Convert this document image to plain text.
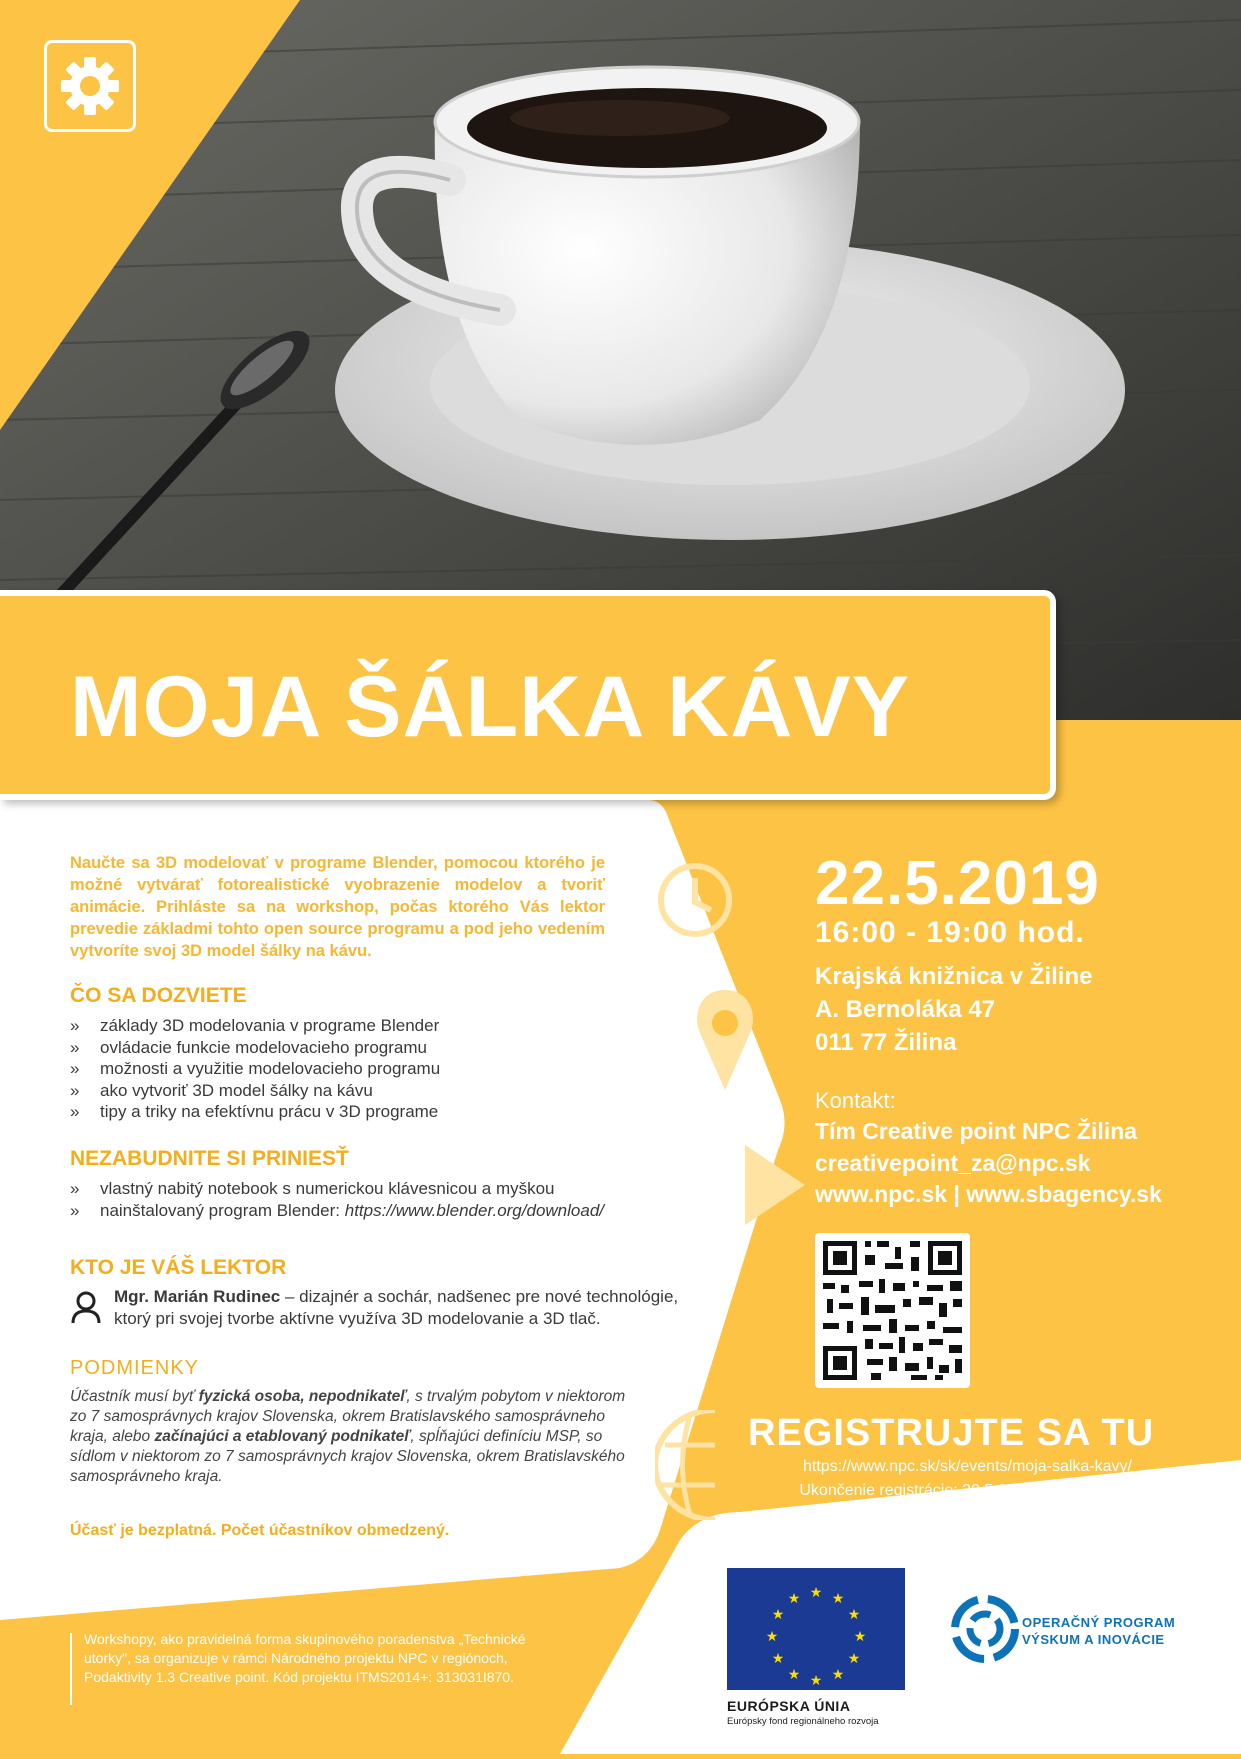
MOJA ŠÁLKA KÁVY
Naučte sa 3D modelovať v programe Blender, pomocou ktorého je možné vytvárať fotorealistické vyobrazenie modelov a tvoriť animácie. Prihláste sa na workshop, počas ktorého Vás lektor prevedie základmi tohto open source programu a pod jeho vedením vytvoríte svoj 3D model šálky na kávu.
ČO SA DOZVIETE
»	základy 3D modelovania v programe Blender
»	ovládacie funkcie modelovacieho programu
»	možnosti a využitie modelovacieho programu
»	ako vytvoriť 3D model šálky na kávu
»	tipy a triky na efektívnu prácu v 3D programe
NEZABUDNITE SI PRINIESŤ
»	vlastný nabitý notebook s numerickou klávesnicou a myškou
»	nainštalovaný program Blender: https://www.blender.org/download/
KTO JE VÁŠ LEKTOR
Mgr. Marián Rudinec – dizajnér a sochár, nadšenec pre nové technológie, ktorý pri svojej tvorbe aktívne využíva 3D modelovanie a 3D tlač.
PODMIENKY
Účastník musí byť fyzická osoba, nepodnikateľ, s trvalým pobytom v niektorom zo 7 samosprávnych krajov Slovenska, okrem Bratislavského samosprávneho kraja, alebo začínajúci a etablovaný podnikateľ, spĺňajúci definíciu MSP, so sídlom v niektorom zo 7 samosprávnych krajov Slovenska, okrem Bratislavského samosprávneho kraja.
Účasť je bezplatná. Počet účastníkov obmedzený.
22.5.2019
16:00 - 19:00 hod.
Krajská knižnica v Žiline
A. Bernoláka 47
011 77 Žilina
Kontakt:
Tím Creative point NPC Žilina
creativepoint_za@npc.sk
www.npc.sk | www.sbagency.sk
REGISTRUJTE SA TU
https://www.npc.sk/sk/events/moja-salka-kavy/
Ukončenie registrácie: 20.5.2019 do 16:00 hod.
Workshopy, ako pravidelná forma skupinového poradenstva „Technické utorky", sa organizuje v rámci Národného projektu NPC v regiónoch, Podaktivity 1.3 Creative point. Kód projektu ITMS2014+: 313031I870.
★ ★
★
★
★
★
★
★
★
★
★
★
EURÓPSKA ÚNIA
Európsky fond regionálneho rozvoja
OPERAČNÝ PROGRAM
VÝSKUM A INOVÁCIE
